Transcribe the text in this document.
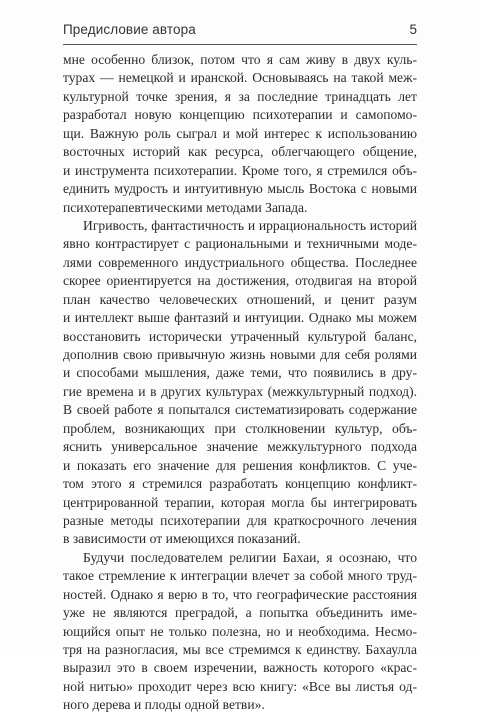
Предисловие автора	5
мне особенно близок, потом что я сам живу в двух куль-
турах — немецкой и иранской. Основываясь на такой меж-
культурной точке зрения, я за последние тринадцать лет
разработал новую концепцию психотерапии и самопомо-
щи. Важную роль сыграл и мой интерес к использованию
восточных историй как ресурса, облегчающего общение,
и инструмента психотерапии. Кроме того, я стремился объ-
единить мудрость и интуитивную мысль Востока с новыми
психотерапевтическими методами Запада.
Игривость, фантастичность и иррациональность историй
явно контрастирует с рациональными и техничными моде-
лями современного индустриального общества. Последнее
скорее ориентируется на достижения, отодвигая на второй
план качество человеческих отношений, и ценит разум
и интеллект выше фантазий и интуиции. Однако мы можем
восстановить исторически утраченный культурой баланс,
дополнив свою привычную жизнь новыми для себя ролями
и способами мышления, даже теми, что появились в дру-
гие времена и в других культурах (межкультурный подход).
В своей работе я попытался систематизировать содержание
проблем, возникающих при столкновении культур, объ-
яснить универсальное значение межкультурного подхода
и показать его значение для решения конфликтов. С уче-
том этого я стремился разработать концепцию конфликт-
центрированной терапии, которая могла бы интегрировать
разные методы психотерапии для краткосрочного лечения
в зависимости от имеющихся показаний.
Будучи последователем религии Бахаи, я осознаю, что
такое стремление к интеграции влечет за собой много труд-
ностей. Однако я верю в то, что географические расстояния
уже не являются преградой, а попытка объединить име-
ющийся опыт не только полезна, но и необходима. Несмо-
тря на разногласия, мы все стремимся к единству. Бахаулла
выразил это в своем изречении, важность которого «крас-
ной нитью» проходит через всю книгу: «Все вы листья од-
ного дерева и плоды одной ветви».
